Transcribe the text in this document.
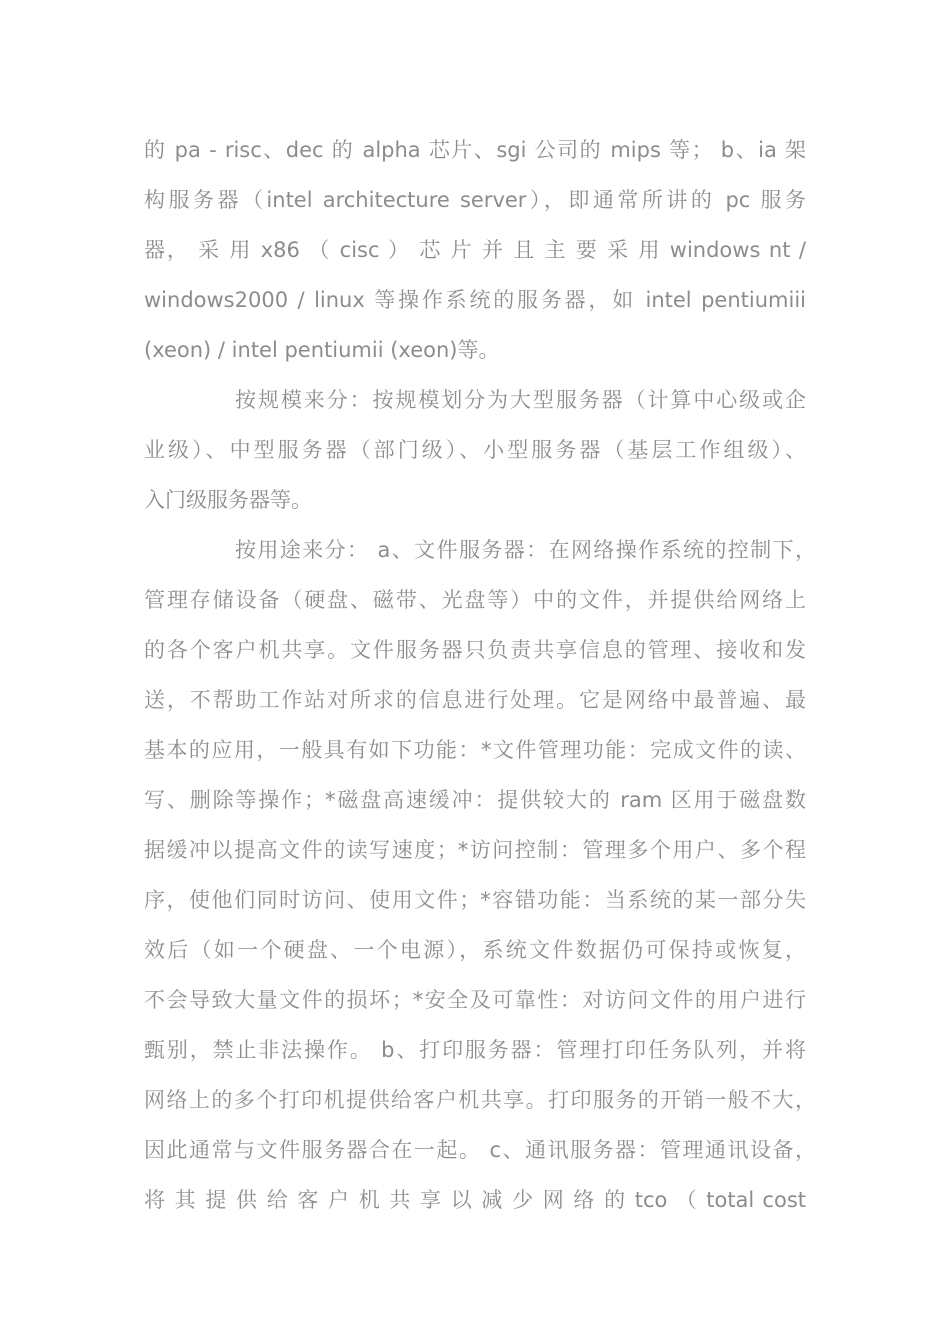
的 pa - risc、dec 的 alpha 芯片、sgi 公司的 mips 等； b、ia 架
构服务器（intel architecture server），即通常所讲的 pc 服务
器， 采 用 x86 （ cisc ） 芯 片 并 且 主 要 采 用 windows nt /
windows2000 / linux 等操作系统的服务器，如 intel pentiumiii
(xeon) / intel pentiumii (xeon)等。
按规模来分：按规模划分为大型服务器（计算中心级或企
业级）、中型服务器（部门级）、小型服务器（基层工作组级）、
入门级服务器等。
按用途来分： a、文件服务器：在网络操作系统的控制下，
管理存储设备（硬盘、磁带、光盘等）中的文件，并提供给网络上
的各个客户机共享。文件服务器只负责共享信息的管理、接收和发
送，不帮助工作站对所求的信息进行处理。它是网络中最普遍、最
基本的应用，一般具有如下功能：*文件管理功能：完成文件的读、
写、删除等操作；*磁盘高速缓冲：提供较大的 ram 区用于磁盘数
据缓冲以提高文件的读写速度；*访问控制：管理多个用户、多个程
序，使他们同时访问、使用文件；*容错功能：当系统的某一部分失
效后（如一个硬盘、一个电源），系统文件数据仍可保持或恢复，
不会导致大量文件的损坏；*安全及可靠性：对访问文件的用户进行
甄别，禁止非法操作。 b、打印服务器：管理打印任务队列，并将
网络上的多个打印机提供给客户机共享。打印服务的开销一般不大，
因此通常与文件服务器合在一起。 c、通讯服务器：管理通讯设备，
将 其 提 供 给 客 户 机 共 享 以 减 少 网 络 的 tco （ total cost
